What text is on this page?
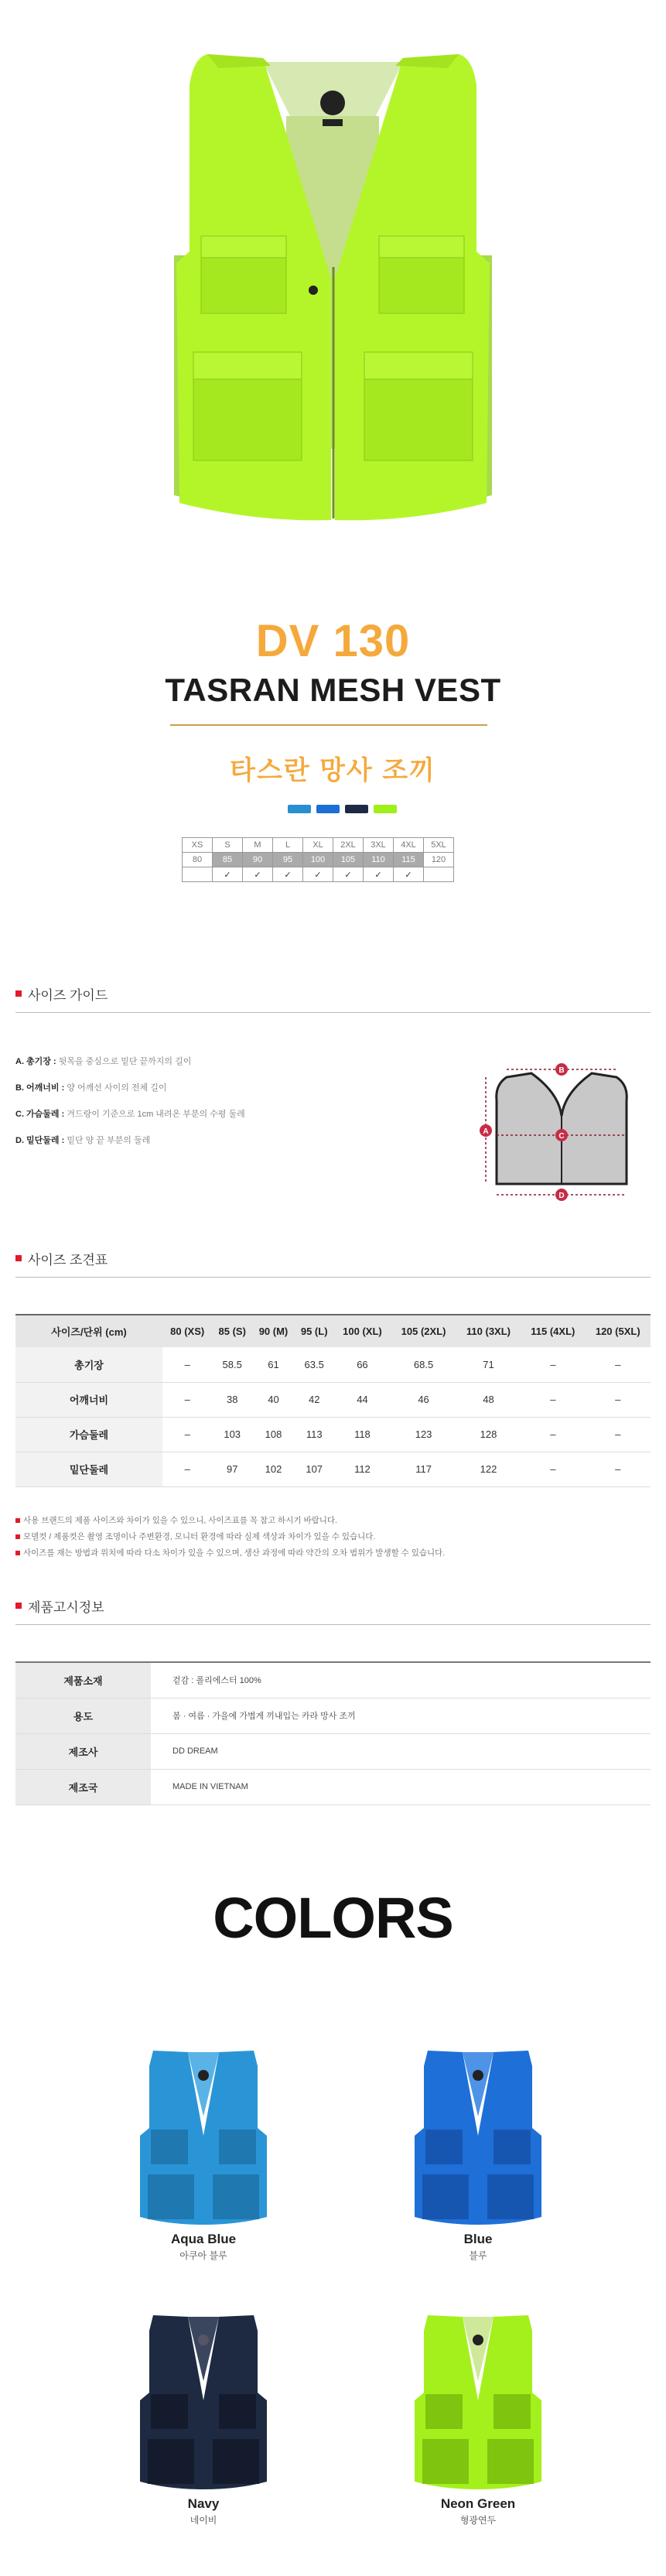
DV 130
TASRAN MESH VEST
타스란 망사 조끼
XS	S	M	L	XL	2XL	3XL	4XL	5XL
80	85	90	95	100	105	110	115	120
	✓	✓	✓	✓	✓	✓	✓	
사이즈 가이드
A. 총기장 : 뒷목을 중심으로 밑단 끝까지의 길이
B. 어깨너비 : 양 어깨선 사이의 전체 길이
C. 가슴둘레 : 겨드랑이 기준으로 1cm 내려온 부분의 수평 둘레
D. 밑단둘레 : 밑단 양 끝 부분의 둘레
A
B
C
D
사이즈 조견표
사이즈/단위 (cm)	80 (XS)	85 (S)	90 (M)	95 (L)	100 (XL)	105 (2XL)	110 (3XL)	115 (4XL)	120 (5XL)
총기장	–	58.5	61	63.5	66	68.5	71	–	–
어깨너비	–	38	40	42	44	46	48	–	–
가슴둘레	–	103	108	113	118	123	128	–	–
밑단둘레	–	97	102	107	112	117	122	–	–
사용 브랜드의 제품 사이즈와 차이가 있을 수 있으니, 사이즈표를 꼭 참고 하시기 바랍니다.
모델컷 / 제품컷은 촬영 조명이나 주변환경, 모니터 환경에 따라 실제 색상과 차이가 있을 수 있습니다.
사이즈를 재는 방법과 위치에 따라 다소 차이가 있을 수 있으며, 생산 과정에 따라 약간의 오차 범위가 발생할 수 있습니다.
제품고시정보
제품소재	겉감 : 폴리에스터 100%
용도	봄 · 여름 · 가을에 가볍게 끼내입는 카라 망사 조끼
제조사	DD DREAM
제조국	MADE IN VIETNAM
COLORS
Aqua Blue
아쿠아 블루
Blue
블루
Navy
네이비
Neon Green
형광연두
